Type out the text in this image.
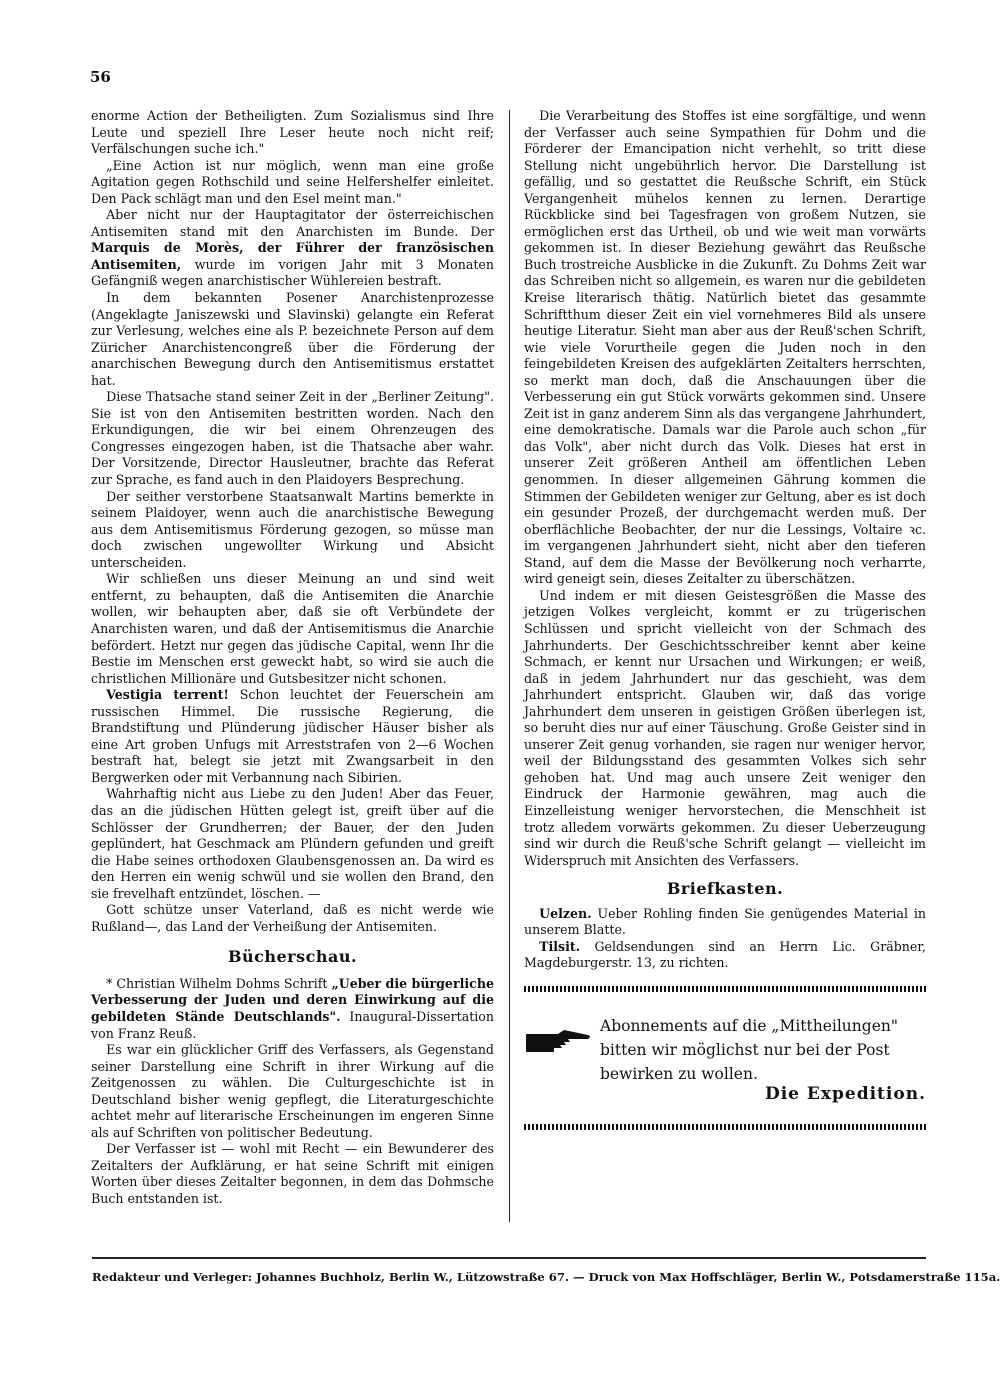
56

enorme Action der Betheiligten. Zum Sozialismus sind Ihre Leute und speziell Ihre Leser heute noch nicht reif; Verfälschungen suche ich."

„Eine Action ist nur möglich, wenn man eine große Agitation gegen Rothschild und seine Helfershelfer einleitet. Den Pack schlägt man und den Esel meint man."

Aber nicht nur der Hauptagitator der österreichischen Antisemiten stand mit den Anarchisten im Bunde. Der Marquis de Morès, der Führer der französischen Antisemiten, wurde im vorigen Jahr mit 3 Monaten Gefängniß wegen anarchistischer Wühlereien bestraft.

In dem bekannten Posener Anarchistenprozesse (Angeklagte Janiszewski und Slavinski) gelangte ein Referat zur Verlesung, welches eine als P. bezeichnete Person auf dem Züricher Anarchistencongreß über die Förderung der anarchischen Bewegung durch den Antisemitismus erstattet hat.

Diese Thatsache stand seiner Zeit in der „Berliner Zeitung". Sie ist von den Antisemiten bestritten worden. Nach den Erkundigungen, die wir bei einem Ohrenzeugen des Congresses eingezogen haben, ist die Thatsache aber wahr. Der Vorsitzende, Director Hausleutner, brachte das Referat zur Sprache, es fand auch in den Plaidoyers Besprechung.

Der seither verstorbene Staatsanwalt Martins bemerkte in seinem Plaidoyer, wenn auch die anarchistische Bewegung aus dem Antisemitismus Förderung gezogen, so müsse man doch zwischen ungewollter Wirkung und Absicht unterscheiden.

Wir schließen uns dieser Meinung an und sind weit entfernt, zu behaupten, daß die Antisemiten die Anarchie wollen, wir behaupten aber, daß sie oft Verbündete der Anarchisten waren, und daß der Antisemitismus die Anarchie befördert. Hetzt nur gegen das jüdische Capital, wenn Ihr die Bestie im Menschen erst geweckt habt, so wird sie auch die christlichen Millionäre und Gutsbesitzer nicht schonen.

Vestigia terrent! Schon leuchtet der Feuerschein am russischen Himmel. Die russische Regierung, die Brandstiftung und Plünderung jüdischer Häuser bisher als eine Art groben Unfugs mit Arreststrafen von 2—6 Wochen bestraft hat, belegt sie jetzt mit Zwangsarbeit in den Bergwerken oder mit Verbannung nach Sibirien.

Wahrhaftig nicht aus Liebe zu den Juden! Aber das Feuer, das an die jüdischen Hütten gelegt ist, greift über auf die Schlösser der Grundherren; der Bauer, der den Juden geplündert, hat Geschmack am Plündern gefunden und greift die Habe seines orthodoxen Glaubensgenossen an. Da wird es den Herren ein wenig schwül und sie wollen den Brand, den sie frevelhaft entzündet, löschen. —

Gott schütze unser Vaterland, daß es nicht werde wie Rußland—, das Land der Verheißung der Antisemiten.

Bücherschau.

* Christian Wilhelm Dohms Schrift „Ueber die bürgerliche Verbesserung der Juden und deren Einwirkung auf die gebildeten Stände Deutschlands". Inaugural-Dissertation von Franz Reuß.

Es war ein glücklicher Griff des Verfassers, als Gegenstand seiner Darstellung eine Schrift in ihrer Wirkung auf die Zeitgenossen zu wählen. Die Culturgeschichte ist in Deutschland bisher wenig gepflegt, die Literaturgeschichte achtet mehr auf literarische Erscheinungen im engeren Sinne als auf Schriften von politischer Bedeutung.

Der Verfasser ist — wohl mit Recht — ein Bewunderer des Zeitalters der Aufklärung, er hat seine Schrift mit einigen Worten über dieses Zeitalter begonnen, in dem das Dohmsche Buch entstanden ist.

Die Verarbeitung des Stoffes ist eine sorgfältige, und wenn der Verfasser auch seine Sympathien für Dohm und die Förderer der Emancipation nicht verhehlt, so tritt diese Stellung nicht ungebührlich hervor. Die Darstellung ist gefällig, und so gestattet die Reußsche Schrift, ein Stück Vergangenheit mühelos kennen zu lernen. Derartige Rückblicke sind bei Tagesfragen von großem Nutzen, sie ermöglichen erst das Urtheil, ob und wie weit man vorwärts gekommen ist. In dieser Beziehung gewährt das Reußsche Buch trostreiche Ausblicke in die Zukunft. Zu Dohms Zeit war das Schreiben nicht so allgemein, es waren nur die gebildeten Kreise literarisch thätig. Natürlich bietet das gesammte Schriftthum dieser Zeit ein viel vornehmeres Bild als unsere heutige Literatur. Sieht man aber aus der Reuß'schen Schrift, wie viele Vorurtheile gegen die Juden noch in den feingebildeten Kreisen des aufgeklärten Zeitalters herrschten, so merkt man doch, daß die Anschauungen über die Verbesserung ein gut Stück vorwärts gekommen sind. Unsere Zeit ist in ganz anderem Sinn als das vergangene Jahrhundert, eine demokratische. Damals war die Parole auch schon „für das Volk", aber nicht durch das Volk. Dieses hat erst in unserer Zeit größeren Antheil am öffentlichen Leben genommen. In dieser allgemeinen Gährung kommen die Stimmen der Gebildeten weniger zur Geltung, aber es ist doch ein gesunder Prozeß, der durchgemacht werden muß. Der oberflächliche Beobachter, der nur die Lessings, Voltaire ꝛc. im vergangenen Jahrhundert sieht, nicht aber den tieferen Stand, auf dem die Masse der Bevölkerung noch verharrte, wird geneigt sein, dieses Zeitalter zu überschätzen.

Und indem er mit diesen Geistesgrößen die Masse des jetzigen Volkes vergleicht, kommt er zu trügerischen Schlüssen und spricht vielleicht von der Schmach des Jahrhunderts. Der Geschichtsschreiber kennt aber keine Schmach, er kennt nur Ursachen und Wirkungen; er weiß, daß in jedem Jahrhundert nur das geschieht, was dem Jahrhundert entspricht. Glauben wir, daß das vorige Jahrhundert dem unseren in geistigen Größen überlegen ist, so beruht dies nur auf einer Täuschung. Große Geister sind in unserer Zeit genug vorhanden, sie ragen nur weniger hervor, weil der Bildungsstand des gesammten Volkes sich sehr gehoben hat. Und mag auch unsere Zeit weniger den Eindruck der Harmonie gewähren, mag auch die Einzelleistung weniger hervorstechen, die Menschheit ist trotz alledem vorwärts gekommen. Zu dieser Ueberzeugung sind wir durch die Reuß'sche Schrift gelangt — vielleicht im Widerspruch mit Ansichten des Verfassers.

Briefkasten.

Uelzen. Ueber Rohling finden Sie genügendes Material in unserem Blatte.

Tilsit. Geldsendungen sind an Herrn Lic. Gräbner, Magdeburgerstr. 13, zu richten.

Abonnements auf die „Mittheilungen" bitten wir möglichst nur bei der Post bewirken zu wollen.
Die Expedition.
Redakteur und Verleger: Johannes Buchholz, Berlin W., Lützowstraße 67. — Druck von Max Hoffschläger, Berlin W., Potsdamerstraße 115a.
